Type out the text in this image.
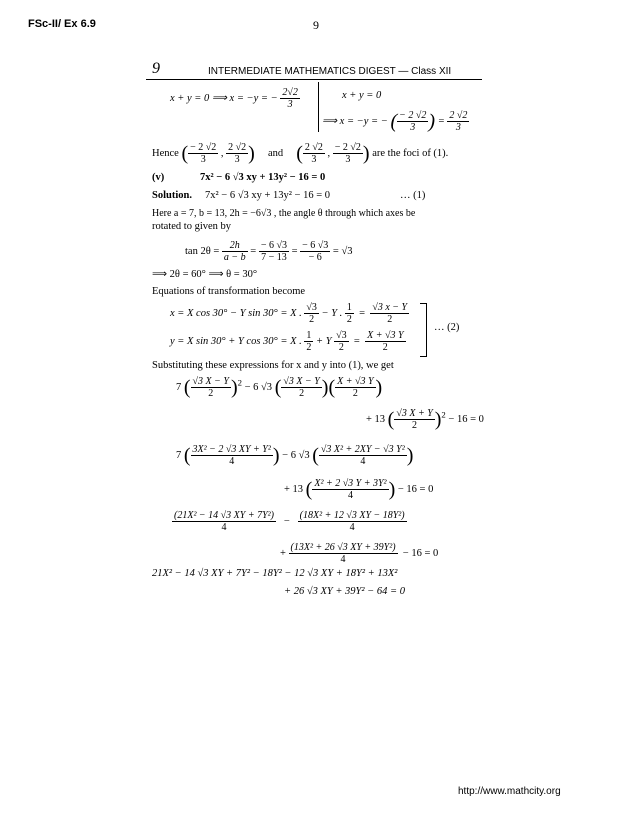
FSc-II/ Ex 6.9	9
9	INTERMEDIATE MATHEMATICS DIGEST — Class XII
x + y = 0 ⟹ x = −y = − $\frac{2√2}{3}$	x + y = 0
⟹ x = −y = − ( $\frac{- 2 √2}{3}$ ) = $\frac{2 √2}{3}$
Hence ( $\frac{- 2 √2}{3}$ , $\frac{2 √2}{3}$ ) and ( $\frac{2 √2}{3}$ , $\frac{- 2 √2}{3}$ ) are the foci of (1).
(v)	7x² − 6 √3 xy + 13y² − 16 = 0
Solution. 7x² − 6 √3 xy + 13y² − 16 = 0	… (1)
Here a = 7, b = 13, 2h = −6√3 , the angle θ through which axes be
rotated to given by
$\tan 2\theta = \frac{2h}{a - b} = \frac{- 6 √3}{7 - 13} = \frac{- 6 √3}{- 6} = √3$
⟹ 2θ = 60° ⟹ θ = 30°
Equations of transformation become
x = X cos 30° − Y sin 30° = X . $\frac{√3}{2} - Y$ . $\frac{1}{2} = \frac{√3 x - Y}{2}$
y = X sin 30° + Y cos 30° = X . $\frac{1}{2} + Y \frac{√3}{2} = \frac{X + √3 Y}{2}$
… (2)
Substituting these expressions for x and y into (1), we get
7 ( $\frac{√3 X - Y}{2} )^2 - 6$ √3 ( $\frac{√3 X - Y}{2}$ )( $\frac{X + √3 Y}{2}$ )
+ 13 ( $\frac{√3 X + Y}{2} )^2 - 16 = 0$
7 ( $\frac{\text{3X² − 2 √3 XY + Y²}}{4}$ ) − 6 √3 ( $\frac{\text{√3 X² + 2XY − √3 Y²}}{4}$ )
+ 13 ( $\frac{\text{X² + 2 √3 Y + 3Y²}}{4}$ ) − 16 = 0
$\frac{\text{(21X² − 14 √3 XY + 7Y²)}}{4} - \frac{\text{(18X² + 12 √3 XY − 18Y²)}}{4}$
+ $\frac{\text{(13X² + 26 √3 XY + 39Y²)}}{4} - 16 = 0$
21X² − 14 √3 XY + 7Y² − 18Y² − 12 √3 XY + 18Y² + 13X²
+ 26 √3 XY + 39Y² − 64 = 0
http://www.mathcity.org
